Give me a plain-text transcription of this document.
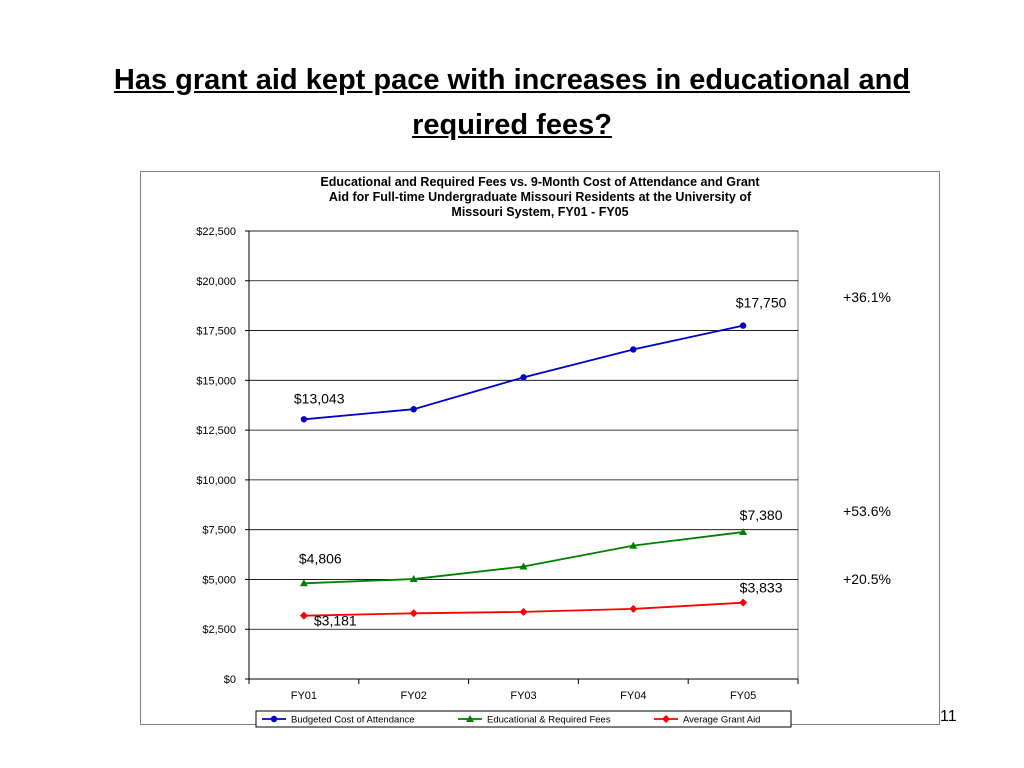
Has grant aid kept pace with increases in educational and
required fees?
Educational and Required Fees vs. 9-Month Cost of Attendance and Grant
Aid for Full-time Undergraduate Missouri Residents at the University of
Missouri System, FY01 - FY05
$0
$2,500
$5,000
$7,500
$10,000
$12,500
$15,000
$17,500
$20,000
$22,500
FY01	FY02	FY03	FY04	FY05
$13,043
$17,750	+36.1%
$4,806
$7,380	+53.6%
$3,181
$3,833
+20.5%
Budgeted Cost of Attendance	Educational & Required Fees	Average Grant Aid	11
